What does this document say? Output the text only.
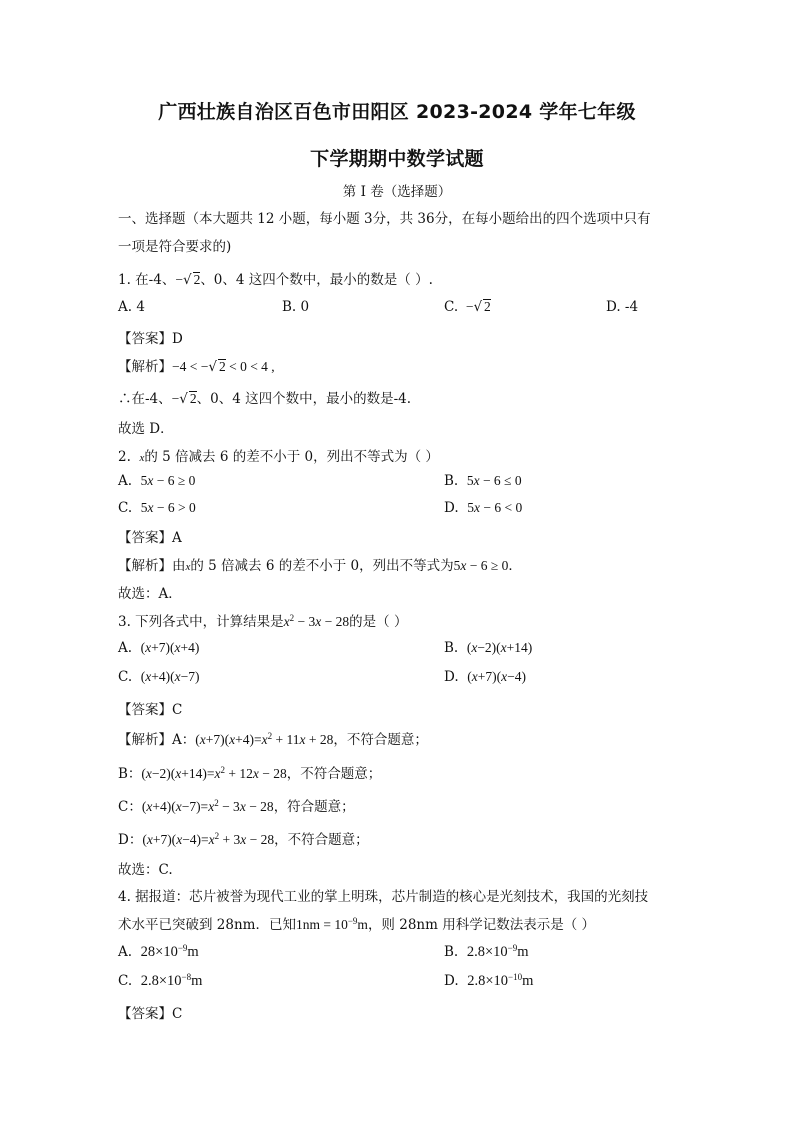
广西壮族自治区百色市田阳区 2023-2024 学年七年级
下学期期中数学试题
第 I 卷（选择题）
一、选择题（本大题共 12 小题，每小题 3分，共 36分，在每小题给出的四个选项中只有
一项是符合要求的)
1. 在-4、−√ 2、0、4 这四个数中，最小的数是（ ）.
A. 4	B. 0	C.  −√ 2	D. -4
【答案】D
【解析】−4 < −√ 2 < 0 < 4 ,
∴在-4、−√ 2、0、4 这四个数中，最小的数是-4.
故选 D．
2. x的 5 倍减去 6 的差不小于 0，列出不等式为（ ）
A. 5x − 6 ≥ 0	B. 5x − 6 ≤ 0
C. 5x − 6 > 0	D. 5x − 6 < 0
【答案】A
【解析】由x的 5 倍减去 6 的差不小于 0，列出不等式为5x − 6 ≥ 0．
故选：A．
3. 下列各式中，计算结果是$x^2 - 3x - 28$的是（ ）
A. (x+7)(x+4)	B. (x−2)(x+14)
C. (x+4)(x−7)	D. (x+7)(x−4)
【答案】C
【解析】A：$(x+7)(x+4)=x^2 + 11x + 28$，不符合题意；
B：$(x-2)(x+14)=x^2 + 12x - 28$，不符合题意；
C：$(x+4)(x-7)=x^2 - 3x - 28$，符合题意；
D：$(x+7)(x-4)=x^2 + 3x - 28$，不符合题意；
故选：C.
4. 据报道：芯片被誉为现代工业的掌上明珠，芯片制造的核心是光刻技术，我国的光刻技
术水平已突破到 28nm．已知$1nm = 10^{-9}m$，则 28nm 用科学记数法表示是（ ）
A. $28\times 10^{-9}m$	B. $2.8\times 10^{-9}m$
C. $2.8\times 10^{-8}m$	D. $2.8\times 10^{-10}m$
【答案】C
